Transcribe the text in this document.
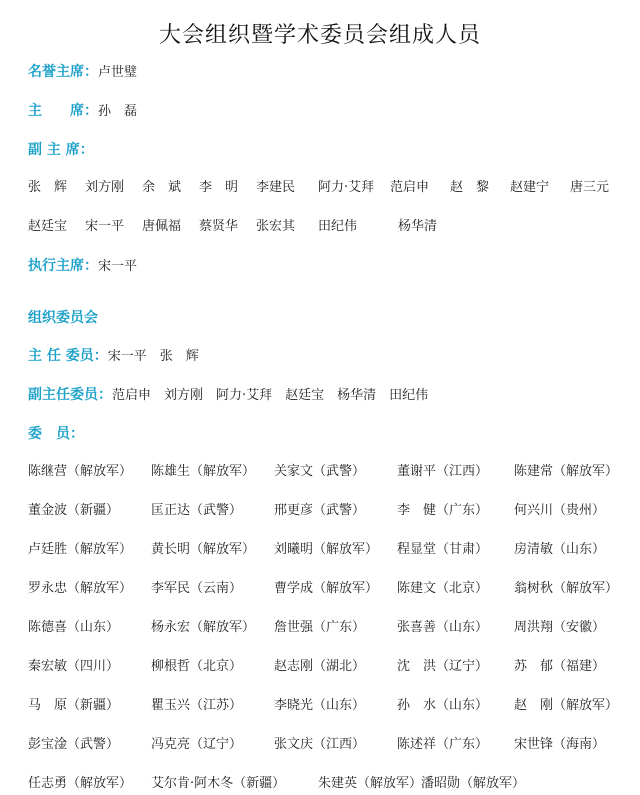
大会组织暨学术委员会组成人员
名誉主席：卢世璧
主　　席：孙　磊
副 主 席：
张　辉 刘方刚 余　斌 李　明 李建民 阿力·艾拜 范启申 赵　黎 赵建宁 唐三元
赵廷宝 宋一平 唐佩福 蔡贤华 张宏其 田纪伟	杨华清
执行主席：宋一平
组织委员会
主 任 委员：宋一平　张　辉
副主任委员：范启申　刘方刚　阿力·艾拜　赵廷宝　杨华清　田纪伟
委　员：
陈继营（解放军） 陈雄生（解放军） 关家文（武警） 董谢平（江西） 陈建常（解放军）
董金波（新疆） 匡正达（武警） 邢更彦（武警） 李　健（广东） 何兴川（贵州）
卢廷胜（解放军） 黄长明（解放军） 刘曦明（解放军） 程显堂（甘肃） 房清敏（山东）
罗永忠（解放军） 李军民（云南） 曹学成（解放军） 陈建文（北京） 翁树秋（解放军）
陈德喜（山东） 杨永宏（解放军） 詹世强（广东） 张喜善（山东） 周洪翔（安徽）
秦宏敏（四川） 柳根哲（北京） 赵志刚（湖北） 沈　洪（辽宁） 苏　郁（福建）
马　原（新疆） 瞿玉兴（江苏） 李晓光（山东） 孙　水（山东） 赵　刚（解放军）
彭宝淦（武警） 冯克亮（辽宁） 张文庆（江西） 陈述祥（广东） 宋世锋（海南）
任志勇（解放军） 艾尔肯·阿木冬（新疆）	朱建英（解放军）
潘昭勋（解放军）
